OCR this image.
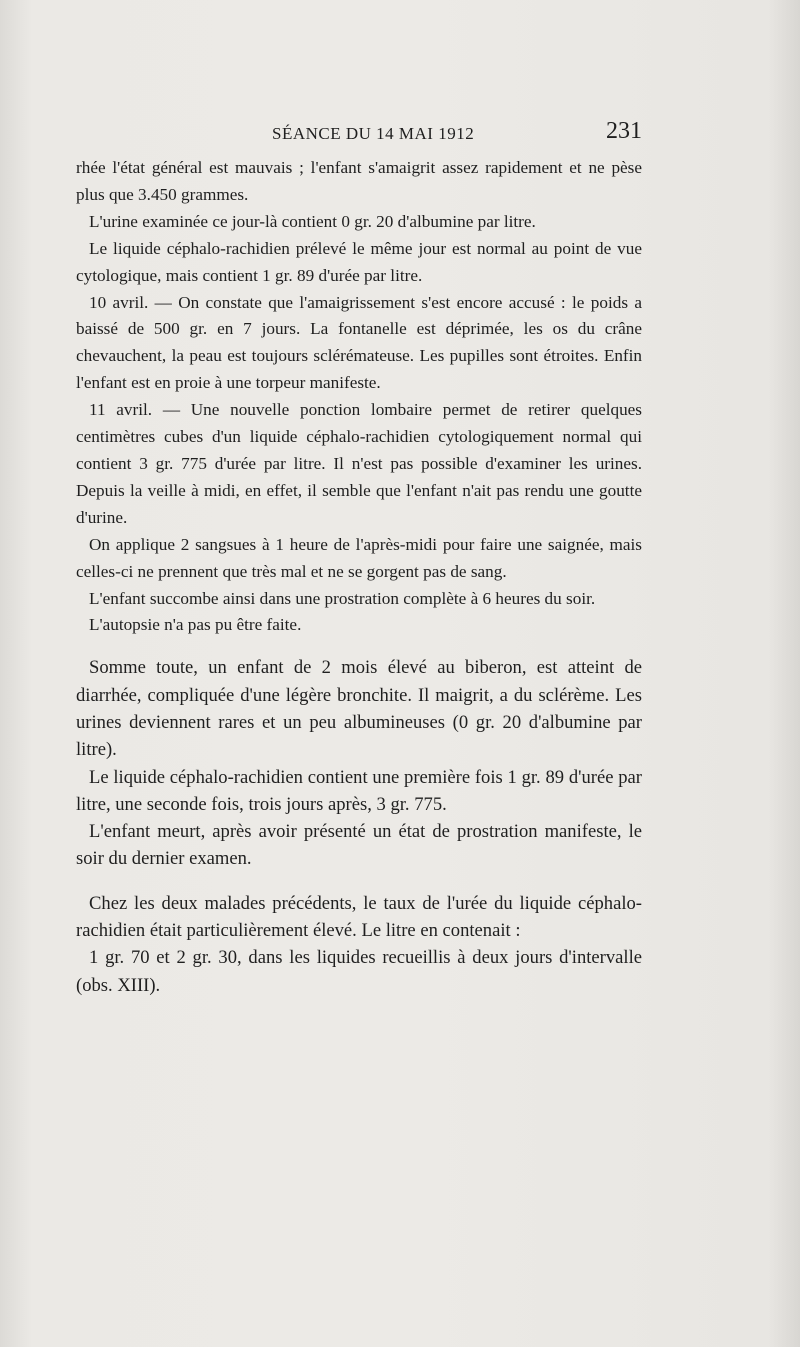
SÉANCE DU 14 MAI 1912	231

rhée l'état général est mauvais ; l'enfant s'amaigrit assez rapidement et ne pèse plus que 3.450 grammes.

L'urine examinée ce jour-là contient 0 gr. 20 d'albumine par litre.

Le liquide céphalo-rachidien prélevé le même jour est normal au point de vue cytologique, mais contient 1 gr. 89 d'urée par litre.

10 avril. — On constate que l'amaigrissement s'est encore accusé : le poids a baissé de 500 gr. en 7 jours. La fontanelle est déprimée, les os du crâne chevauchent, la peau est toujours sclérémateuse. Les pupilles sont étroites. Enfin l'enfant est en proie à une torpeur manifeste.

11 avril. — Une nouvelle ponction lombaire permet de retirer quelques centimètres cubes d'un liquide céphalo-rachidien cytologiquement normal qui contient 3 gr. 775 d'urée par litre. Il n'est pas possible d'examiner les urines. Depuis la veille à midi, en effet, il semble que l'enfant n'ait pas rendu une goutte d'urine.

On applique 2 sangsues à 1 heure de l'après-midi pour faire une saignée, mais celles-ci ne prennent que très mal et ne se gorgent pas de sang.

L'enfant succombe ainsi dans une prostration complète à 6 heures du soir.

L'autopsie n'a pas pu être faite.

Somme toute, un enfant de 2 mois élevé au biberon, est atteint de diarrhée, compliquée d'une légère bronchite. Il maigrit, a du sclérème. Les urines deviennent rares et un peu albumineuses (0 gr. 20 d'albumine par litre).

Le liquide céphalo-rachidien contient une première fois 1 gr. 89 d'urée par litre, une seconde fois, trois jours après, 3 gr. 775.

L'enfant meurt, après avoir présenté un état de prostration manifeste, le soir du dernier examen.

Chez les deux malades précédents, le taux de l'urée du liquide céphalo-rachidien était particulièrement élevé. Le litre en contenait :

1 gr. 70 et 2 gr. 30, dans les liquides recueillis à deux jours d'intervalle (obs. XIII).
